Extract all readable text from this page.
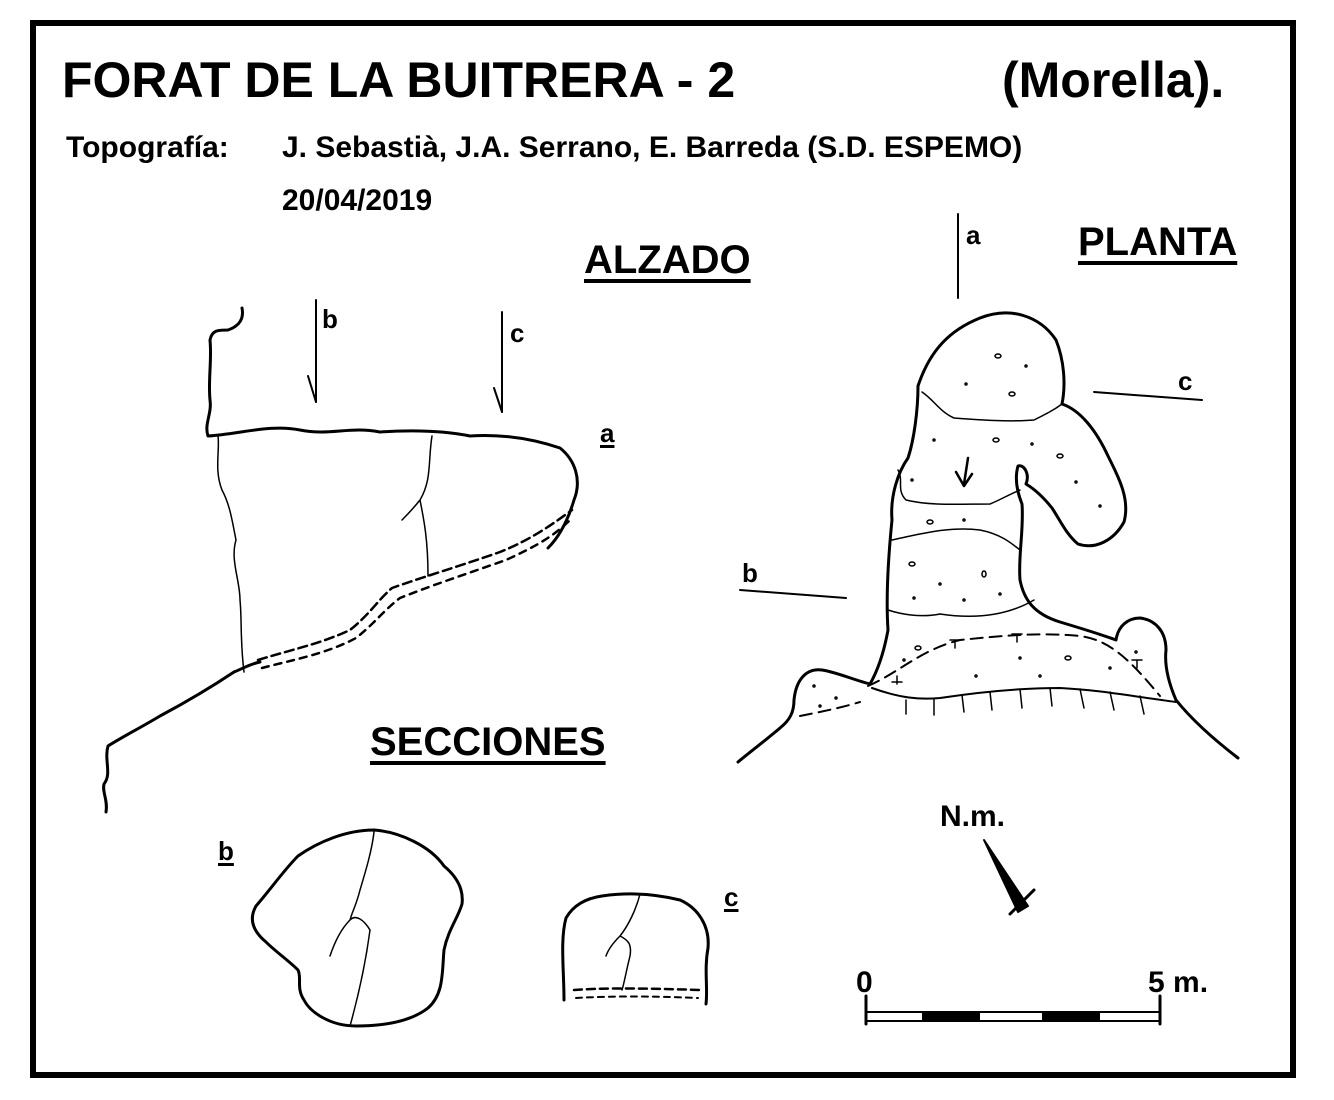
FORAT DE LA BUITRERA - 2	(Morella).
Topografía: J. Sebastià, J.A. Serrano, E. Barreda (S.D. ESPEMO)
20/04/2019
ALZADO	PLANTA
SECCIONES
b	c
a
a
c
b
b
c
N.m.
0	5 m.
